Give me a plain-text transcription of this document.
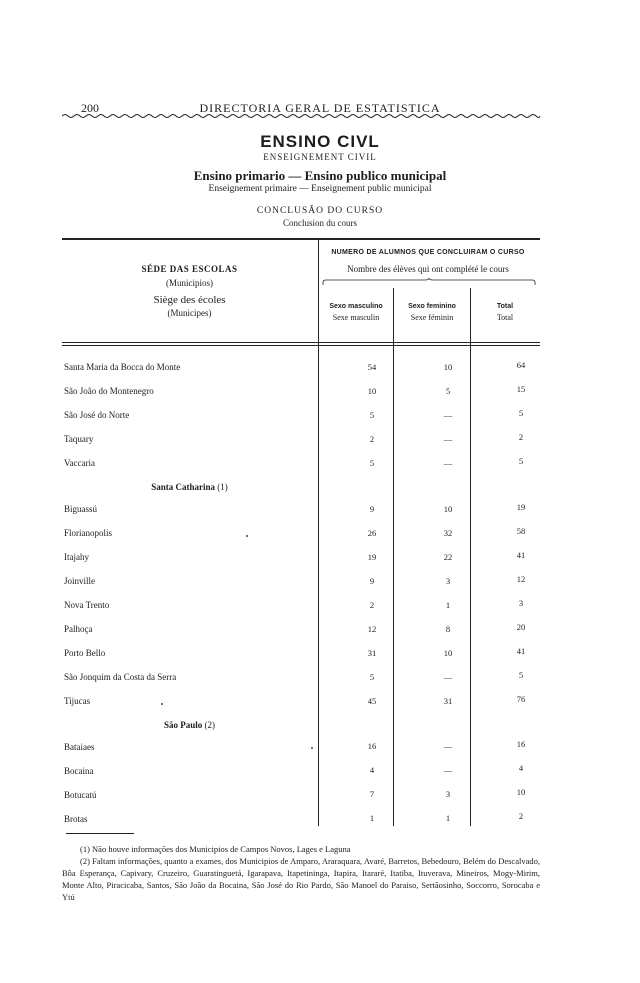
200	DIRECTORIA GERAL DE ESTATISTICA
ENSINO CIVL
ENSEIGNEMENT CIVIL
Ensino primario — Ensino publico municipal
Enseignement primaire — Enseignement public municipal
CONCLUSÃO DO CURSO
Conclusion du cours
SÉDE DAS ESCOLAS
(Municipios)
Siège des écoles
(Municipes)
NUMERO DE ALUMNOS QUE CONCLUIRAM O CURSO
Nombre des élèves qui ont complété le cours
Sexo masculino
Sexe masculin
Sexo feminino
Sexe féminin
Total
Total
Santa Maria da Bocca do Monte	54	10	64
São João do Montenegro	10	5	15
São José do Norte	5	—	5
Taquary	2	—	2
Vaccaria	5	—	5
Santa Catharina (1)
Biguassú	9	10	19
Florianopolis	26	32	58
Itajahy	19	22	41
Joinville	9	3	12
Nova Trento	2	1	3
Palhoça	12	8	20
Porto Bello	31	10	41
São Jonquim da Costa da Serra	5	—	5
Tijucas	45	31	76
São Paulo (2)
Bataiaes	16	—	16
Bocaina	4	—	4
Botucatú	7	3	10
Brotas	1	1	2
(1) Não houve informações dos Municipios de Campos Novos, Lages e Laguna
(2) Faltam informações, quanto a exames, dos Municipios de Amparo, Araraquara, Avaré, Barretos, Bebedouro, Belém do Descalvado, Bôa Esperança, Capivary, Cruzeiro, Guaratinguetá, Igarapava, Itapetininga, Itapira, Itararé, Itatiba, Ituverava, Mineiros, Mogy-Mirim, Monte Alto, Piracicaba, Santos, São João da Bocaina, São José do Rio Pardo, São Manoel do Paraiso, Sertãosinho, Soccorro, Sorocaba e Ytú
